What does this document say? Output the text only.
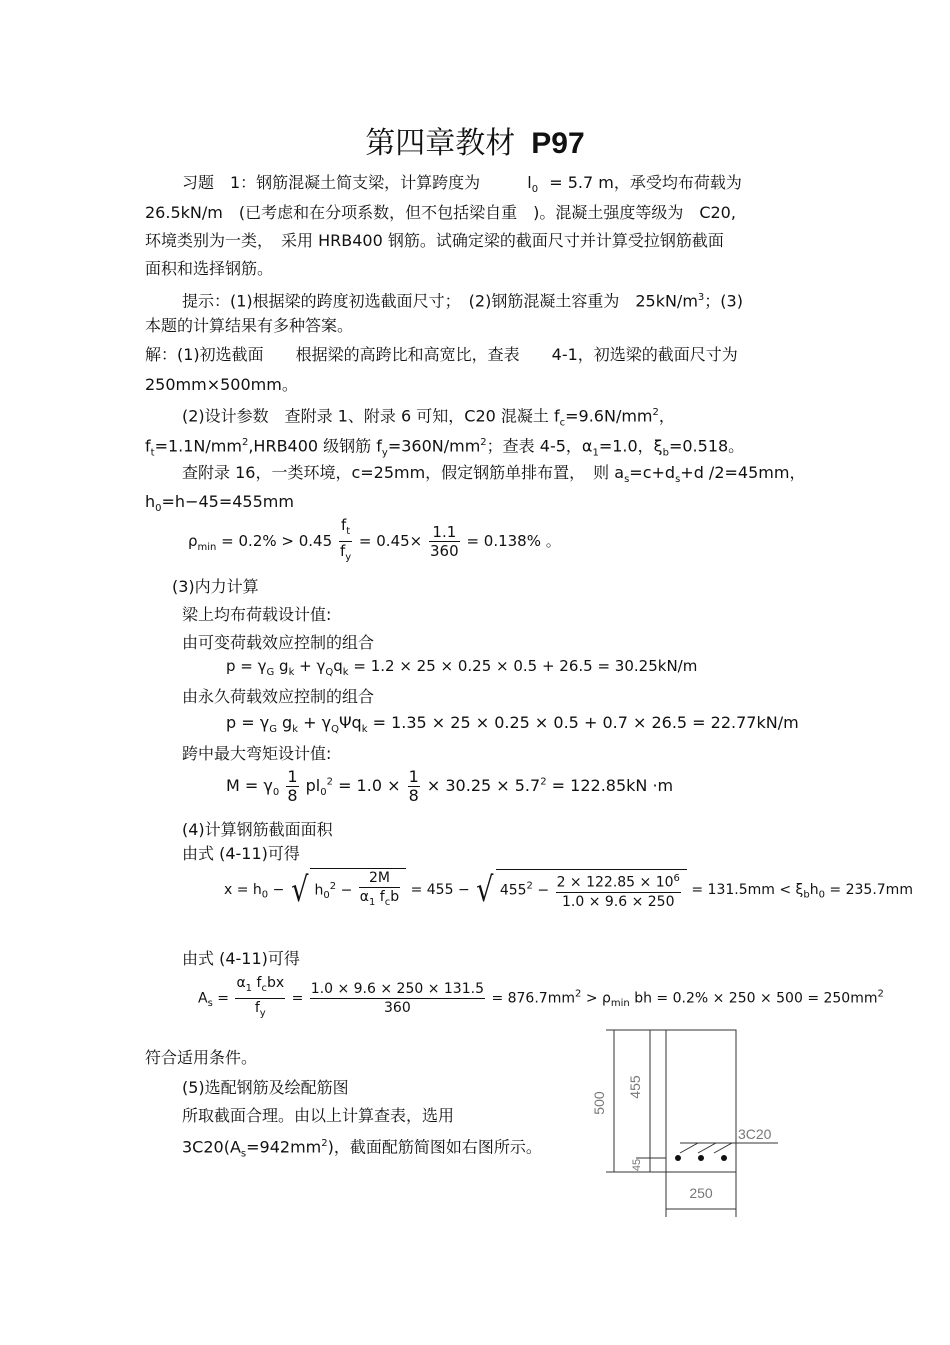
第四章教材 P97
习题　1：钢筋混凝土简支梁，计算跨度为	$l_0 = 5.7$ m，承受均布荷载为
26.5kN/m　(已考虑和在分项系数，但不包括梁自重　)。混凝土强度等级为　C20,
环境类别为一类，　采用 HRB400 钢筋。试确定梁的截面尺寸并计算受拉钢筋截面
面积和选择钢筋。
提示：(1)根据梁的跨度初选截面尺寸；　(2)钢筋混凝土容重为　$25kN/m^3$；(3)
本题的计算结果有多种答案。
解：(1)初选截面　　根据梁的高跨比和高宽比，查表　　4-1，初选梁的截面尺寸为
250mm×500mm。
(2)设计参数　查附录 1、附录 6 可知，C20 混凝土 $f_c=9.6N/mm^2$，
$f_t=1.1N/mm^2,HRB400$ 级钢筋 $f_y=360N/mm^2$；查表 4-5，$\alpha_1=1.0$，$\xi_b=0.518$。
查附录 16，一类环境，c=25mm，假定钢筋单排布置，　则 $a_s=c+d_s+d$ /2=45mm，
$h_0=h-45=455mm$
$\rho_{min} = 0.2\% > 0.45 \frac{f_t}{f_y} = 0.45\times \frac{1.1}{360} = 0.138\%$ 。
(3)内力计算
梁上均布荷载设计值:
由可变荷载效应控制的组合
$p = \gamma_G$ $g_k + \gamma_Qq_k = 1.2 \times 25 \times 0.25 \times 0.5 + 26.5 = 30.25kN/m$
由永久荷载效应控制的组合
$p = \gamma_G$ $g_k + \gamma_Q\Psi q_k = 1.35 \times 25 \times 0.25 \times 0.5 + 0.7 \times 26.5 = 22.77kN/m$
跨中最大弯矩设计值:
$M = \gamma_0 \frac{1}{8} pl_0^2 = 1.0 \times \frac{1}{8} \times 30.25 \times 5.7^2 = 122.85kN \cdot m$
(4)计算钢筋截面面积
由式 (4-11)可得
$x = h_0$ − √ $h_0^2 - \frac{2M}{\alpha_1 f_cb} = 455$ − √ $455^2 - \frac{2 \times 122.85 \times 10^6}{1.0 \times 9.6 \times 250} = 131.5mm < \xi_bh_0 = 235.7mm$
由式 (4-11)可得
$A_s = \frac{\alpha_1 f_cbx}{f_y} = \frac{1.0 \times 9.6 \times 250 \times 131.5}{360} = 876.7mm^2 > \rho_{min}$ bh = $0.2\% \times 250 \times 500 = 250mm^2$
符合适用条件。
(5)选配钢筋及绘配筋图
所取截面合理。由以上计算查表，选用
$3C20(A_s=942mm^2)$，截面配筋简图如右图所示。
500
455
45
250
3C20
